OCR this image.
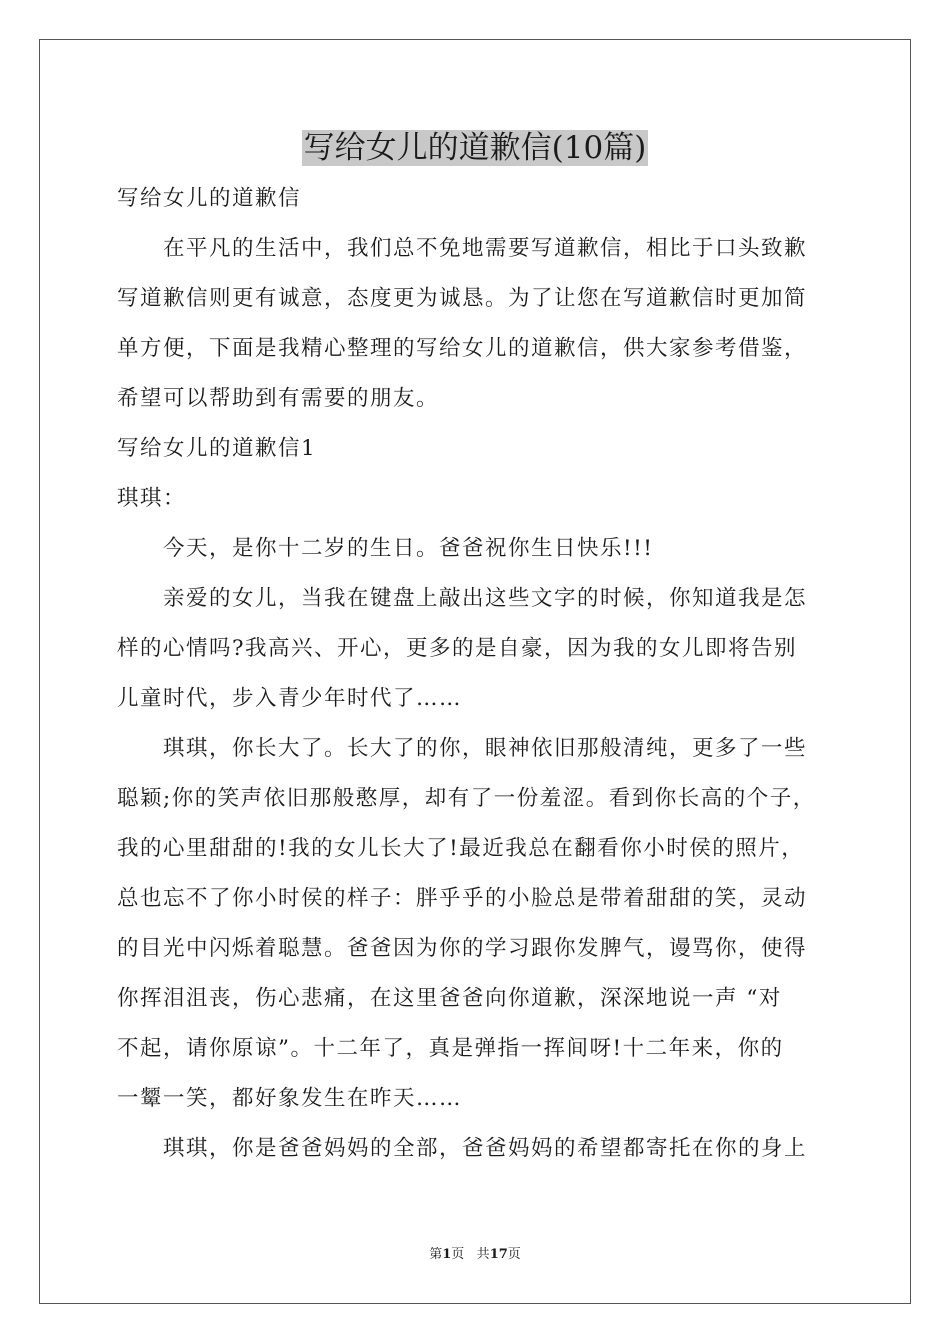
写给女儿的道歉信(10篇)
写给女儿的道歉信
在平凡的生活中，我们总不免地需要写道歉信，相比于口头致歉
写道歉信则更有诚意，态度更为诚恳。为了让您在写道歉信时更加简
单方便，下面是我精心整理的写给女儿的道歉信，供大家参考借鉴，
希望可以帮助到有需要的朋友。
写给女儿的道歉信1
琪琪：
今天，是你十二岁的生日。爸爸祝你生日快乐!!!
亲爱的女儿，当我在键盘上敲出这些文字的时候，你知道我是怎
样的心情吗?我高兴、开心，更多的是自豪，因为我的女儿即将告别
儿童时代，步入青少年时代了……
琪琪，你长大了。长大了的你，眼神依旧那般清纯，更多了一些
聪颖;你的笑声依旧那般憨厚，却有了一份羞涩。看到你长高的个子，
我的心里甜甜的!我的女儿长大了!最近我总在翻看你小时侯的照片，
总也忘不了你小时侯的样子：胖乎乎的小脸总是带着甜甜的笑，灵动
的目光中闪烁着聪慧。爸爸因为你的学习跟你发脾气，谩骂你，使得
你挥泪沮丧，伤心悲痛，在这里爸爸向你道歉，深深地说一声 “对
不起，请你原谅”。十二年了，真是弹指一挥间呀!十二年来，你的
一颦一笑，都好象发生在昨天……
琪琪，你是爸爸妈妈的全部，爸爸妈妈的希望都寄托在你的身上
第1页 共17页
